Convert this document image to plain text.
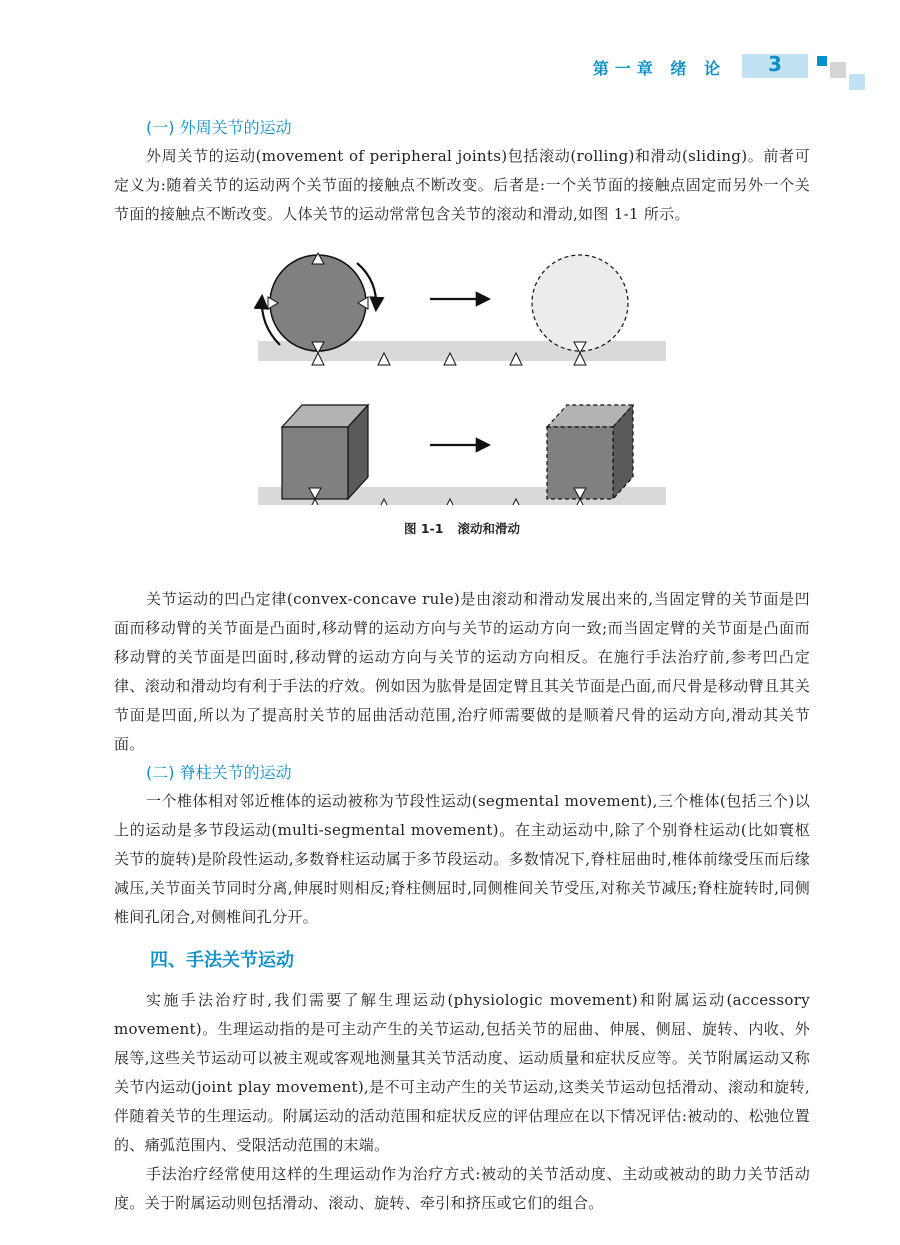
第一章 绪 论	3
(一) 外周关节的运动

外周关节的运动(movement of peripheral joints)包括滚动(rolling)和滑动(sliding)。前者可定义为:随着关节的运动两个关节面的接触点不断改变。后者是:一个关节面的接触点固定而另外一个关节面的接触点不断改变。人体关节的运动常常包含关节的滚动和滑动,如图 1-1 所示。

图 1-1 滚动和滑动

关节运动的凹凸定律(convex-concave rule)是由滚动和滑动发展出来的,当固定臂的关节面是凹面而移动臂的关节面是凸面时,移动臂的运动方向与关节的运动方向一致;而当固定臂的关节面是凸面而移动臂的关节面是凹面时,移动臂的运动方向与关节的运动方向相反。在施行手法治疗前,参考凹凸定律、滚动和滑动均有利于手法的疗效。例如因为肱骨是固定臂且其关节面是凸面,而尺骨是移动臂且其关节面是凹面,所以为了提高肘关节的屈曲活动范围,治疗师需要做的是顺着尺骨的运动方向,滑动其关节面。

(二) 脊柱关节的运动

一个椎体相对邻近椎体的运动被称为节段性运动(segmental movement),三个椎体(包括三个)以上的运动是多节段运动(multi-segmental movement)。在主动运动中,除了个别脊柱运动(比如寰枢关节的旋转)是阶段性运动,多数脊柱运动属于多节段运动。多数情况下,脊柱屈曲时,椎体前缘受压而后缘减压,关节面关节同时分离,伸展时则相反;脊柱侧屈时,同侧椎间关节受压,对称关节减压;脊柱旋转时,同侧椎间孔闭合,对侧椎间孔分开。

四、手法关节运动

实施手法治疗时,我们需要了解生理运动(physiologic movement)和附属运动(accessory movement)。生理运动指的是可主动产生的关节运动,包括关节的屈曲、伸展、侧屈、旋转、内收、外展等,这些关节运动可以被主观或客观地测量其关节活动度、运动质量和症状反应等。关节附属运动又称关节内运动(joint play movement),是不可主动产生的关节运动,这类关节运动包括滑动、滚动和旋转,伴随着关节的生理运动。附属运动的活动范围和症状反应的评估理应在以下情况评估:被动的、松弛位置的、痛弧范围内、受限活动范围的末端。

手法治疗经常使用这样的生理运动作为治疗方式:被动的关节活动度、主动或被动的助力关节活动度。关于附属运动则包括滑动、滚动、旋转、牵引和挤压或它们的组合。
